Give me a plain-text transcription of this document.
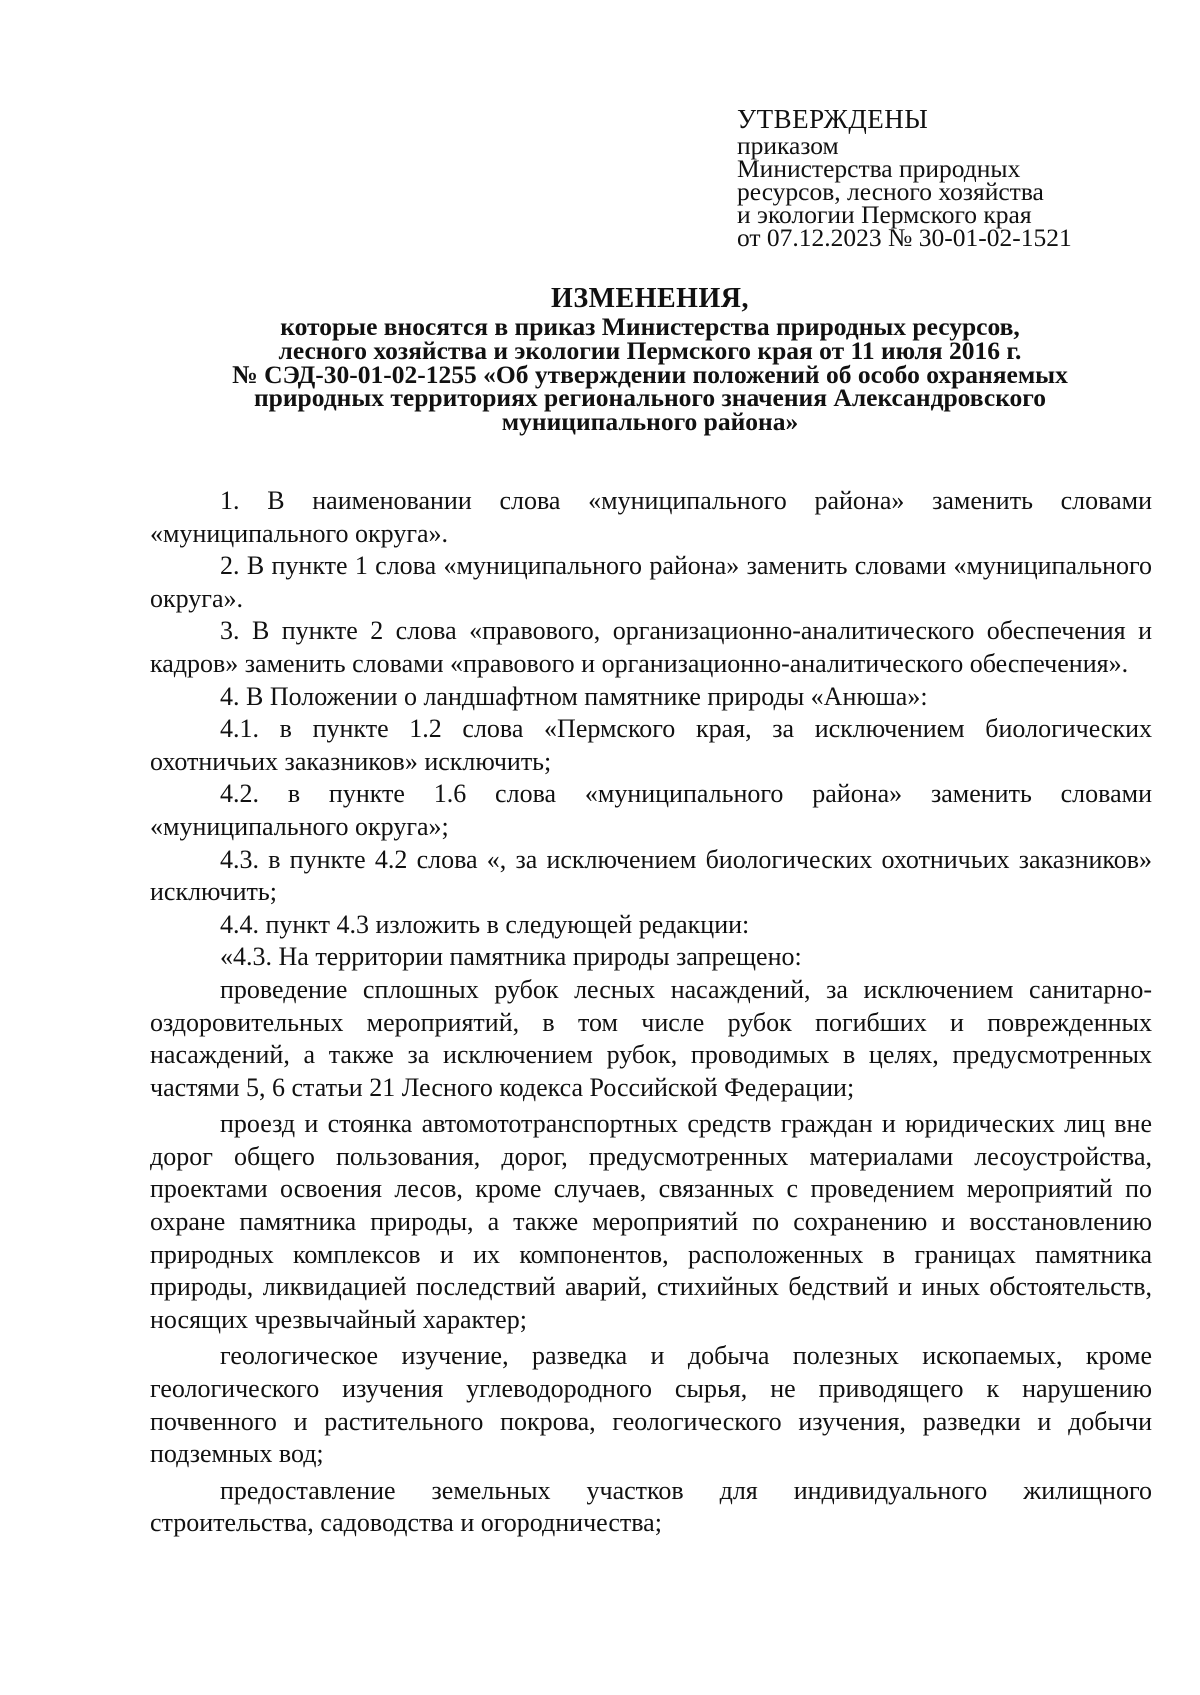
УТВЕРЖДЕНЫ
приказом
Министерства природных
ресурсов, лесного хозяйства
и экологии Пермского края
от 07.12.2023 № 30-01-02-1521
ИЗМЕНЕНИЯ,
которые вносятся в приказ Министерства природных ресурсов,
лесного хозяйства и экологии Пермского края от 11 июля 2016 г.
№ СЭД-30-01-02-1255 «Об утверждении положений об особо охраняемых
природных территориях регионального значения Александровского
муниципального района»

1. В наименовании слова «муниципального района» заменить словами «муниципального округа».

2. В пункте 1 слова «муниципального района» заменить словами «муниципального округа».

3. В пункте 2 слова «правового, организационно-аналитического обеспечения и кадров» заменить словами «правового и организационно-аналитического обеспечения».

4. В Положении о ландшафтном памятнике природы «Анюша»:

4.1. в пункте 1.2 слова «Пермского края, за исключением биологических охотничьих заказников» исключить;

4.2. в пункте 1.6 слова «муниципального района» заменить словами «муниципального округа»;

4.3. в пункте 4.2 слова «, за исключением биологических охотничьих заказников» исключить;

4.4. пункт 4.3 изложить в следующей редакции:

«4.3. На территории памятника природы запрещено:

проведение сплошных рубок лесных насаждений, за исключением санитарно-оздоровительных мероприятий, в том числе рубок погибших и поврежденных насаждений, а также за исключением рубок, проводимых в целях, предусмотренных частями 5, 6 статьи 21 Лесного кодекса Российской Федерации;

проезд и стоянка автомототранспортных средств граждан и юридических лиц вне дорог общего пользования, дорог, предусмотренных материалами лесоустройства, проектами освоения лесов, кроме случаев, связанных с проведением мероприятий по охране памятника природы, а также мероприятий по сохранению и восстановлению природных комплексов и их компонентов, расположенных в границах памятника природы, ликвидацией последствий аварий, стихийных бедствий и иных обстоятельств, носящих чрезвычайный характер;

геологическое изучение, разведка и добыча полезных ископаемых, кроме геологического изучения углеводородного сырья, не приводящего к нарушению почвенного и растительного покрова, геологического изучения, разведки и добычи подземных вод;

предоставление земельных участков для индивидуального жилищного строительства, садоводства и огородничества;
